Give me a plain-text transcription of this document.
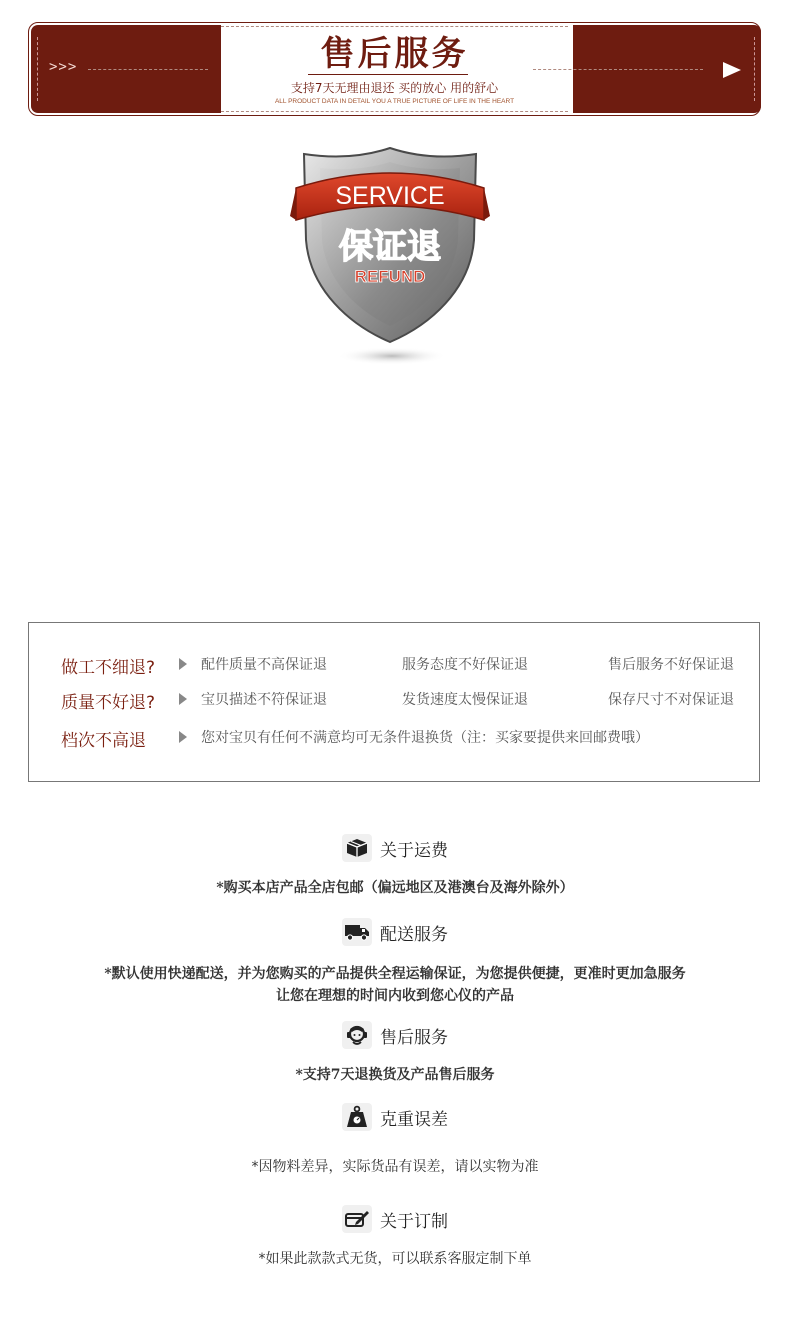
>>>	售后服务
支持7天无理由退还 买的放心 用的舒心
ALL PRODUCT DATA IN DETAIL YOU A TRUE PICTURE OF LIFE IN THE HEART
SERVICE
保证退
REFUND
做工不细退?	配件质量不高保证退	服务态度不好保证退	售后服务不好保证退
质量不好退?	宝贝描述不符保证退	发货速度太慢保证退	保存尺寸不对保证退
档次不高退	您对宝贝有任何不满意均可无条件退换货（注：买家要提供来回邮费哦）
关于运费
*购买本店产品全店包邮（偏远地区及港澳台及海外除外）
配送服务
*默认使用快递配送，并为您购买的产品提供全程运输保证，为您提供便捷，更准时更加急服务
让您在理想的时间内收到您心仪的产品
售后服务
*支持7天退换货及产品售后服务
克重误差
*因物料差异，实际货品有误差，请以实物为准
关于订制
*如果此款款式无货，可以联系客服定制下单
